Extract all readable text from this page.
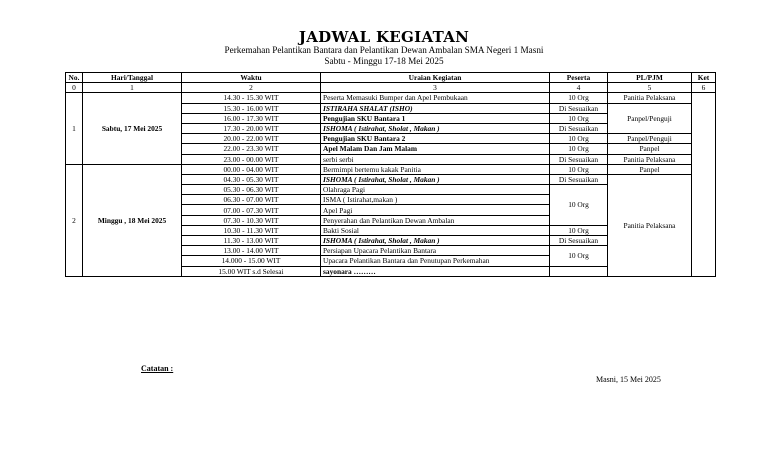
JADWAL KEGIATAN
Perkemahan Pelantikan Bantara dan Pelantikan Dewan Ambalan SMA Negeri 1 Masni
Sabtu - Minggu 17-18 Mei 2025
No.	Hari/Tanggal	Waktu	Uraian Kegiatan	Peserta	PL/PJM	Ket
0	1	2	3	4	5	6
1	Sabtu, 17 Mei 2025	14.30 - 15.30 WIT	Peserta Memasuki Bumper dan Apel Pembukaan	10 Org	Panitia Pelaksana	
		15.30 - 16.00 WIT	ISTIRAHA SHALAT (ISHO)	Di Sesuaikan		
		16.00 - 17.30 WIT	Pengujian SKU Bantara 1	10 Org	Panpel/Penguji	
		17.30 - 20.00 WIT	ISHOMA ( Istirahat, Sholat , Makan )	Di Sesuaikan		
		20.00 - 22.00 WIT	Pengujian SKU Bantara 2	10 Org	Panpel/Penguji	
		22.00 - 23.30 WIT	Apel Malam Dan Jam Malam	10 Org	Panpel	
		23.00 - 00.00 WIT	serbi serbi	Di Sesuaikan	Panitia Pelaksana	
2	Minggu , 18 Mei 2025	00.00 - 04.00 WIT	Bermimpi bertemu kakak Panitia	10 Org	Panpel	
		04.30 - 05.30 WIT	ISHOMA ( Istirahat, Sholat , Makan )	Di Sesuaikan	Panitia Pelaksana	
		05.30 - 06.30 WIT	Olahraga Pagi	10 Org		
		06.30 - 07.00 WIT	ISMA ( Istirahat,makan )			
		07.00 - 07.30 WIT	Apel Pagi			
		07.30 - 10.30 WIT	Penyerahan dan Pelantikan Dewan Ambalan			
		10.30 - 11.30 WIT	Bakti Sosial	10 Org		
		11.30 - 13.00 WIT	ISHOMA ( Istirahat, Sholat , Makan )	Di Sesuaikan		
		13.00 - 14.00 WIT	Persiapan Upacara Pelantikan Bantara	10 Org		
		14.000 - 15.00 WIT	Upacara Pelantikan Bantara dan Penutupan Perkemahan			
		15.00 WIT s.d Selesai	sayonara ………			
Catatan :
Masni, 15 Mei 2025
